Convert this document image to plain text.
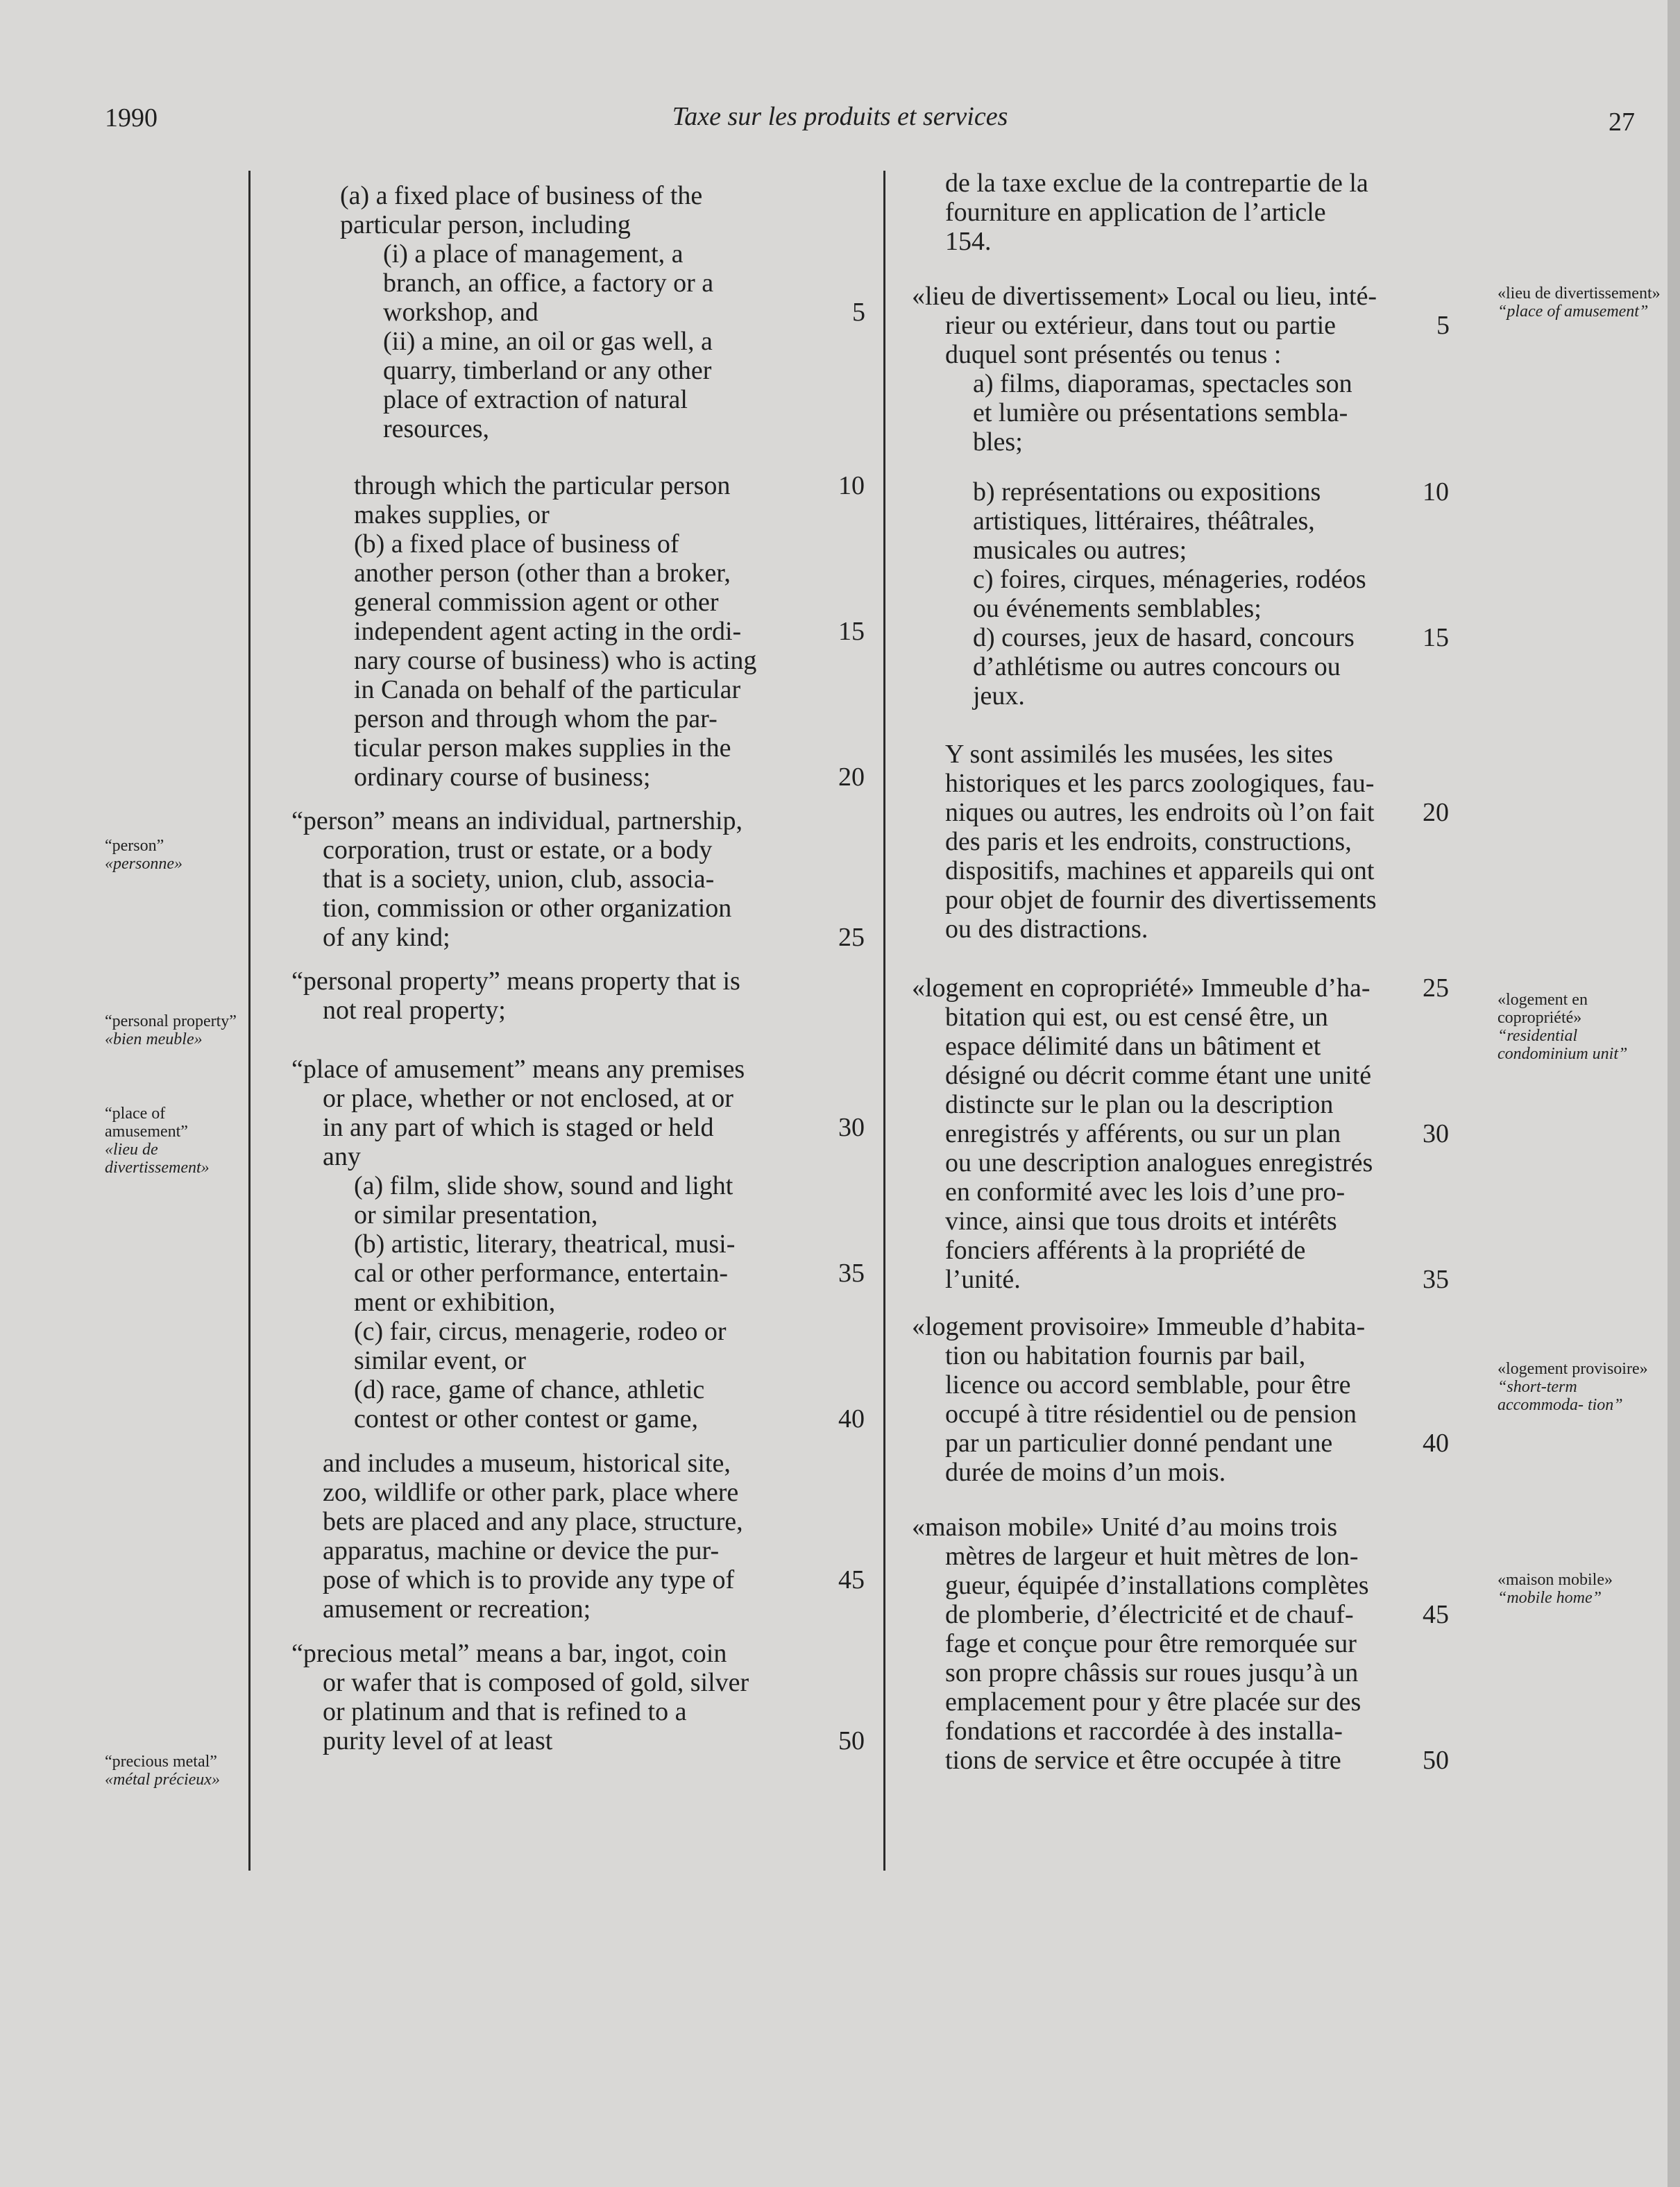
1990	Taxe sur les produits et services	27
(a) a fixed place of business of the
particular person, including
(i) a place of management, a
branch, an office, a factory or a
workshop, and
(ii) a mine, an oil or gas well, a
quarry, timberland or any other
place of extraction of natural
resources,
through which the particular person
makes supplies, or
(b) a fixed place of business of
another person (other than a broker,
general commission agent or other
independent agent acting in the ordi-
nary course of business) who is acting
in Canada on behalf of the particular
person and through whom the par-
ticular person makes supplies in the
ordinary course of business;
“person” means an individual, partnership,
corporation, trust or estate, or a body
that is a society, union, club, associa-
tion, commission or other organization
of any kind;
“personal property” means property that is
not real property;
“place of amusement” means any premises
or place, whether or not enclosed, at or
in any part of which is staged or held
any
(a) film, slide show, sound and light
or similar presentation,
(b) artistic, literary, theatrical, musi-
cal or other performance, entertain-
ment or exhibition,
(c) fair, circus, menagerie, rodeo or
similar event, or
(d) race, game of chance, athletic
contest or other contest or game,
and includes a museum, historical site,
zoo, wildlife or other park, place where
bets are placed and any place, structure,
apparatus, machine or device the pur-
pose of which is to provide any type of
amusement or recreation;
“precious metal” means a bar, ingot, coin
or wafer that is composed of gold, silver
or platinum and that is refined to a
purity level of at least
5
10
15
20
25
30
35
40
45
50
de la taxe exclue de la contrepartie de la
fourniture en application de l’article
154.
«lieu de divertissement» Local ou lieu, inté-
rieur ou extérieur, dans tout ou partie
duquel sont présentés ou tenus :
a) films, diaporamas, spectacles son
et lumière ou présentations sembla-
bles;
b) représentations ou expositions
artistiques, littéraires, théâtrales,
musicales ou autres;
c) foires, cirques, ménageries, rodéos
ou événements semblables;
d) courses, jeux de hasard, concours
d’athlétisme ou autres concours ou
jeux.
Y sont assimilés les musées, les sites
historiques et les parcs zoologiques, fau-
niques ou autres, les endroits où l’on fait
des paris et les endroits, constructions,
dispositifs, machines et appareils qui ont
pour objet de fournir des divertissements
ou des distractions.
«logement en copropriété» Immeuble d’ha-
bitation qui est, ou est censé être, un
espace délimité dans un bâtiment et
désigné ou décrit comme étant une unité
distincte sur le plan ou la description
enregistrés y afférents, ou sur un plan
ou une description analogues enregistrés
en conformité avec les lois d’une pro-
vince, ainsi que tous droits et intérêts
fonciers afférents à la propriété de
l’unité.
«logement provisoire» Immeuble d’habita-
tion ou habitation fournis par bail,
licence ou accord semblable, pour être
occupé à titre résidentiel ou de pension
par un particulier donné pendant une
durée de moins d’un mois.
«maison mobile» Unité d’au moins trois
mètres de largeur et huit mètres de lon-
gueur, équipée d’installations complètes
de plomberie, d’électricité et de chauf-
fage et conçue pour être remorquée sur
son propre châssis sur roues jusqu’à un
emplacement pour y être placée sur des
fondations et raccordée à des installa-
tions de service et être occupée à titre
5
10
15
20
25
30
35
40
45
50
“person”
«personne»
“personal property”
«bien meuble»
“place of amusement”
«lieu de divertissement»
“precious metal”
«métal précieux»
«lieu de divertissement»
“place of amusement”
«logement en copropriété»
“residential condominium unit”
«logement provisoire»
“short-term accommoda- tion”
«maison mobile»
“mobile home”
